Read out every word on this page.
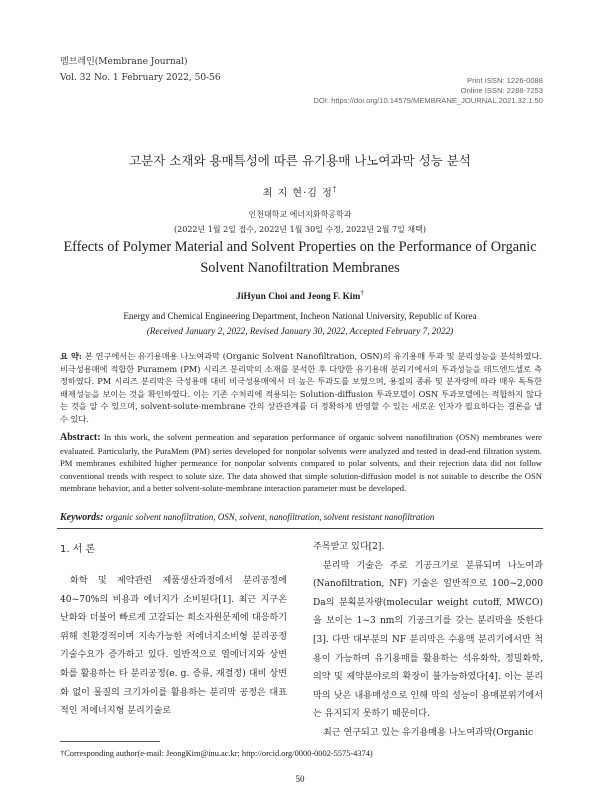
멤브레인(Membrane Journal)
Vol. 32 No. 1 February 2022, 50-56	Print ISSN: 1226-0088
Online ISSN: 2288-7253
DOI: https://doi.org/10.14579/MEMBRANE_JOURNAL.2021.32.1.50
고분자 소재와 용매특성에 따른 유기용매 나노여과막 성능 분석
최 지 현·김 정†
인천대학교 에너지화학공학과
(2022년 1월 2일 접수, 2022년 1월 30일 수정, 2022년 2월 7일 채택)
Effects of Polymer Material and Solvent Properties on the Performance of Organic Solvent Nanofiltration Membranes
JiHyun Choi and Jeong F. Kim†
Energy and Chemical Engineering Department, Incheon National University, Republic of Korea
(Received January 2, 2022, Revised January 30, 2022, Accepted February 7, 2022)
요 약: 본 연구에서는 유기용매용 나노여과막 (Organic Solvent Nanofiltration, OSN)의 유기용매 투과 및 분리성능을 분석하였다. 비극성용매에 적합한 Puramem (PM) 시리즈 분리막의 소재를 분석한 후 다양한 유기용매 분리기에서의 투과성능을 데드엔드셀로 측정하였다. PM 시리즈 분리막은 극성용매 대비 비극성용매에서 더 높은 투과도를 보였으며, 용질의 종류 및 분자량에 따라 매우 독특한 배제성능을 보이는 것을 확인하였다. 이는 기존 수처리에 적용되는 Solution-diffusion 투과모델이 OSN 투과모델에는 적합하지 않다는 것을 알 수 있으며, solvent-solute-membrane 간의 상관관계를 더 정확하게 반영할 수 있는 새로운 인자가 필요하다는 결론을 낼 수 있다.
Abstract: In this work, the solvent permeation and separation performance of organic solvent nanofiltration (OSN) membranes were evaluated. Particularly, the PuraMem (PM) series developed for nonpolar solvents were analyzed and tested in dead-end filtration system. PM membranes exhibited higher permeance for nonpolar solvents compared to polar solvents, and their rejection data did not follow conventional trends with respect to solute size. The data showed that simple solution-diffusion model is not suitable to describe the OSN membrane behavior, and a better solvent-solute-membrane interaction parameter must be developed.
Keywords: organic solvent nanofiltration, OSN, solvent, nanofiltration, solvent resistant nanofiltration
1. 서 론
화학 및 제약관련 제품생산과정에서 분리공정에 40~70%의 비용과 에너지가 소비된다[1]. 최근 지구온난화와 더불어 빠르게 고갈되는 희소자원문제에 대응하기 위해 친환경적이며 지속가능한 저에너지소비형 분리공정 기술수요가 증가하고 있다. 일반적으로 열에너지와 상변화를 활용하는 타 분리공정(e. g. 증류, 재결정) 대비 상변화 없이 물질의 크기차이를 활용하는 분리막 공정은 대표적인 저에너지형 분리기술로
주목받고 있다[2].
분리막 기술은 주로 기공크기로 분류되며 나노여과(Nanofiltration, NF) 기술은 일반적으로 100~2,000 Da의 분획분자량(molecular weight cutoff, MWCO)을 보이는 1~3 nm의 기공크기를 갖는 분리막을 뜻한다[3]. 다만 대부분의 NF 분리막은 수용액 분리기에서만 적용이 가능하며 유기용매를 활용하는 석유화학, 정밀화학, 의약 및 제약분야로의 확장이 불가능하였다[4]. 이는 분리막의 낮은 내용매성으로 인해 막의 성능이 용매분위기에서는 유지되지 못하기 때문이다.
최근 연구되고 있는 유기용매용 나노여과막(Organic
†Corresponding author(e-mail: JeongKim@inu.ac.kr; http://orcid.org/0000-0002-5575-4374)
50
